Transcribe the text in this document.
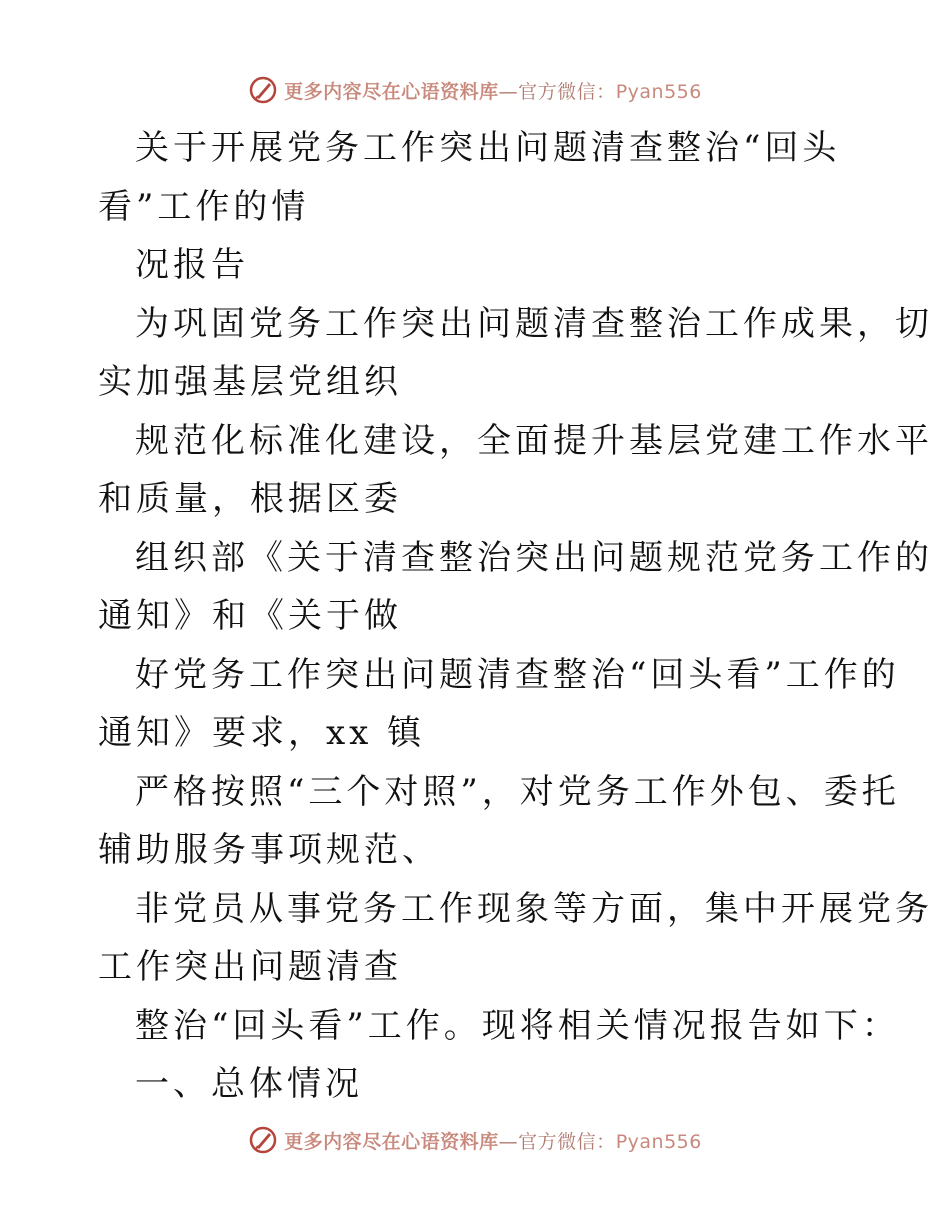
更多内容尽在心语资料库—官方微信：Pyan556
关于开展党务工作突出问题清查整治“回头
看”工作的情
况报告
为巩固党务工作突出问题清查整治工作成果，切
实加强基层党组织
规范化标准化建设，全面提升基层党建工作水平
和质量，根据区委
组织部《关于清查整治突出问题规范党务工作的
通知》和《关于做
好党务工作突出问题清查整治“回头看”工作的
通知》要求，xx 镇
严格按照“三个对照”，对党务工作外包、委托
辅助服务事项规范、
非党员从事党务工作现象等方面，集中开展党务
工作突出问题清查
整治“回头看”工作。现将相关情况报告如下：
一、总体情况
更多内容尽在心语资料库—官方微信：Pyan556
